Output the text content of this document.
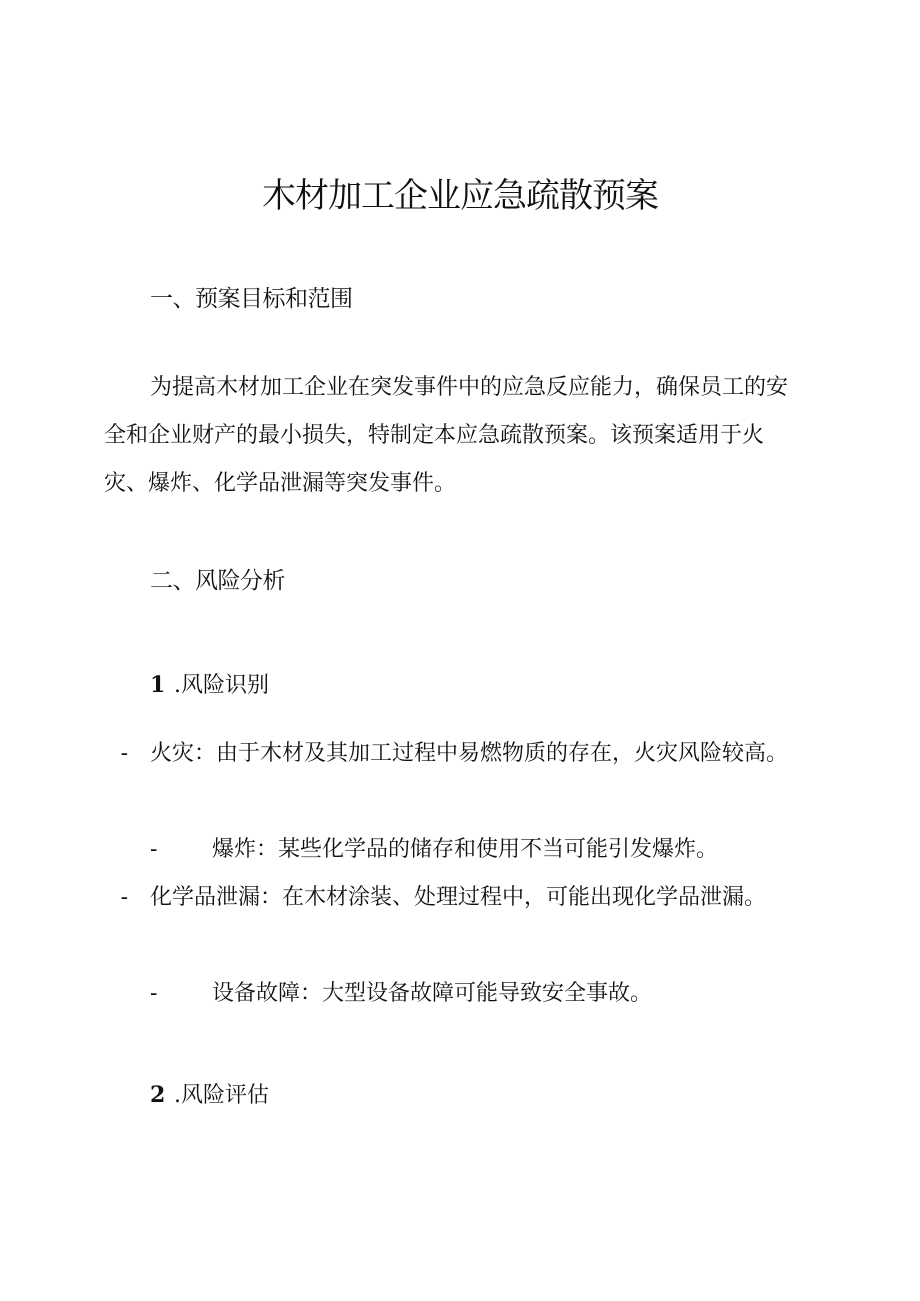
木材加工企业应急疏散预案
一、预案目标和范围
为提高木材加工企业在突发事件中的应急反应能力，确保员工的安全和企业财产的最小损失，特制定本应急疏散预案。该预案适用于火灾、爆炸、化学品泄漏等突发事件。
二、风险分析
1 .风险识别
- 火灾：由于木材及其加工过程中易燃物质的存在，火灾风险较高。
- 爆炸：某些化学品的储存和使用不当可能引发爆炸。
- 化学品泄漏：在木材涂装、处理过程中，可能出现化学品泄漏。
- 设备故障：大型设备故障可能导致安全事故。
2 .风险评估
